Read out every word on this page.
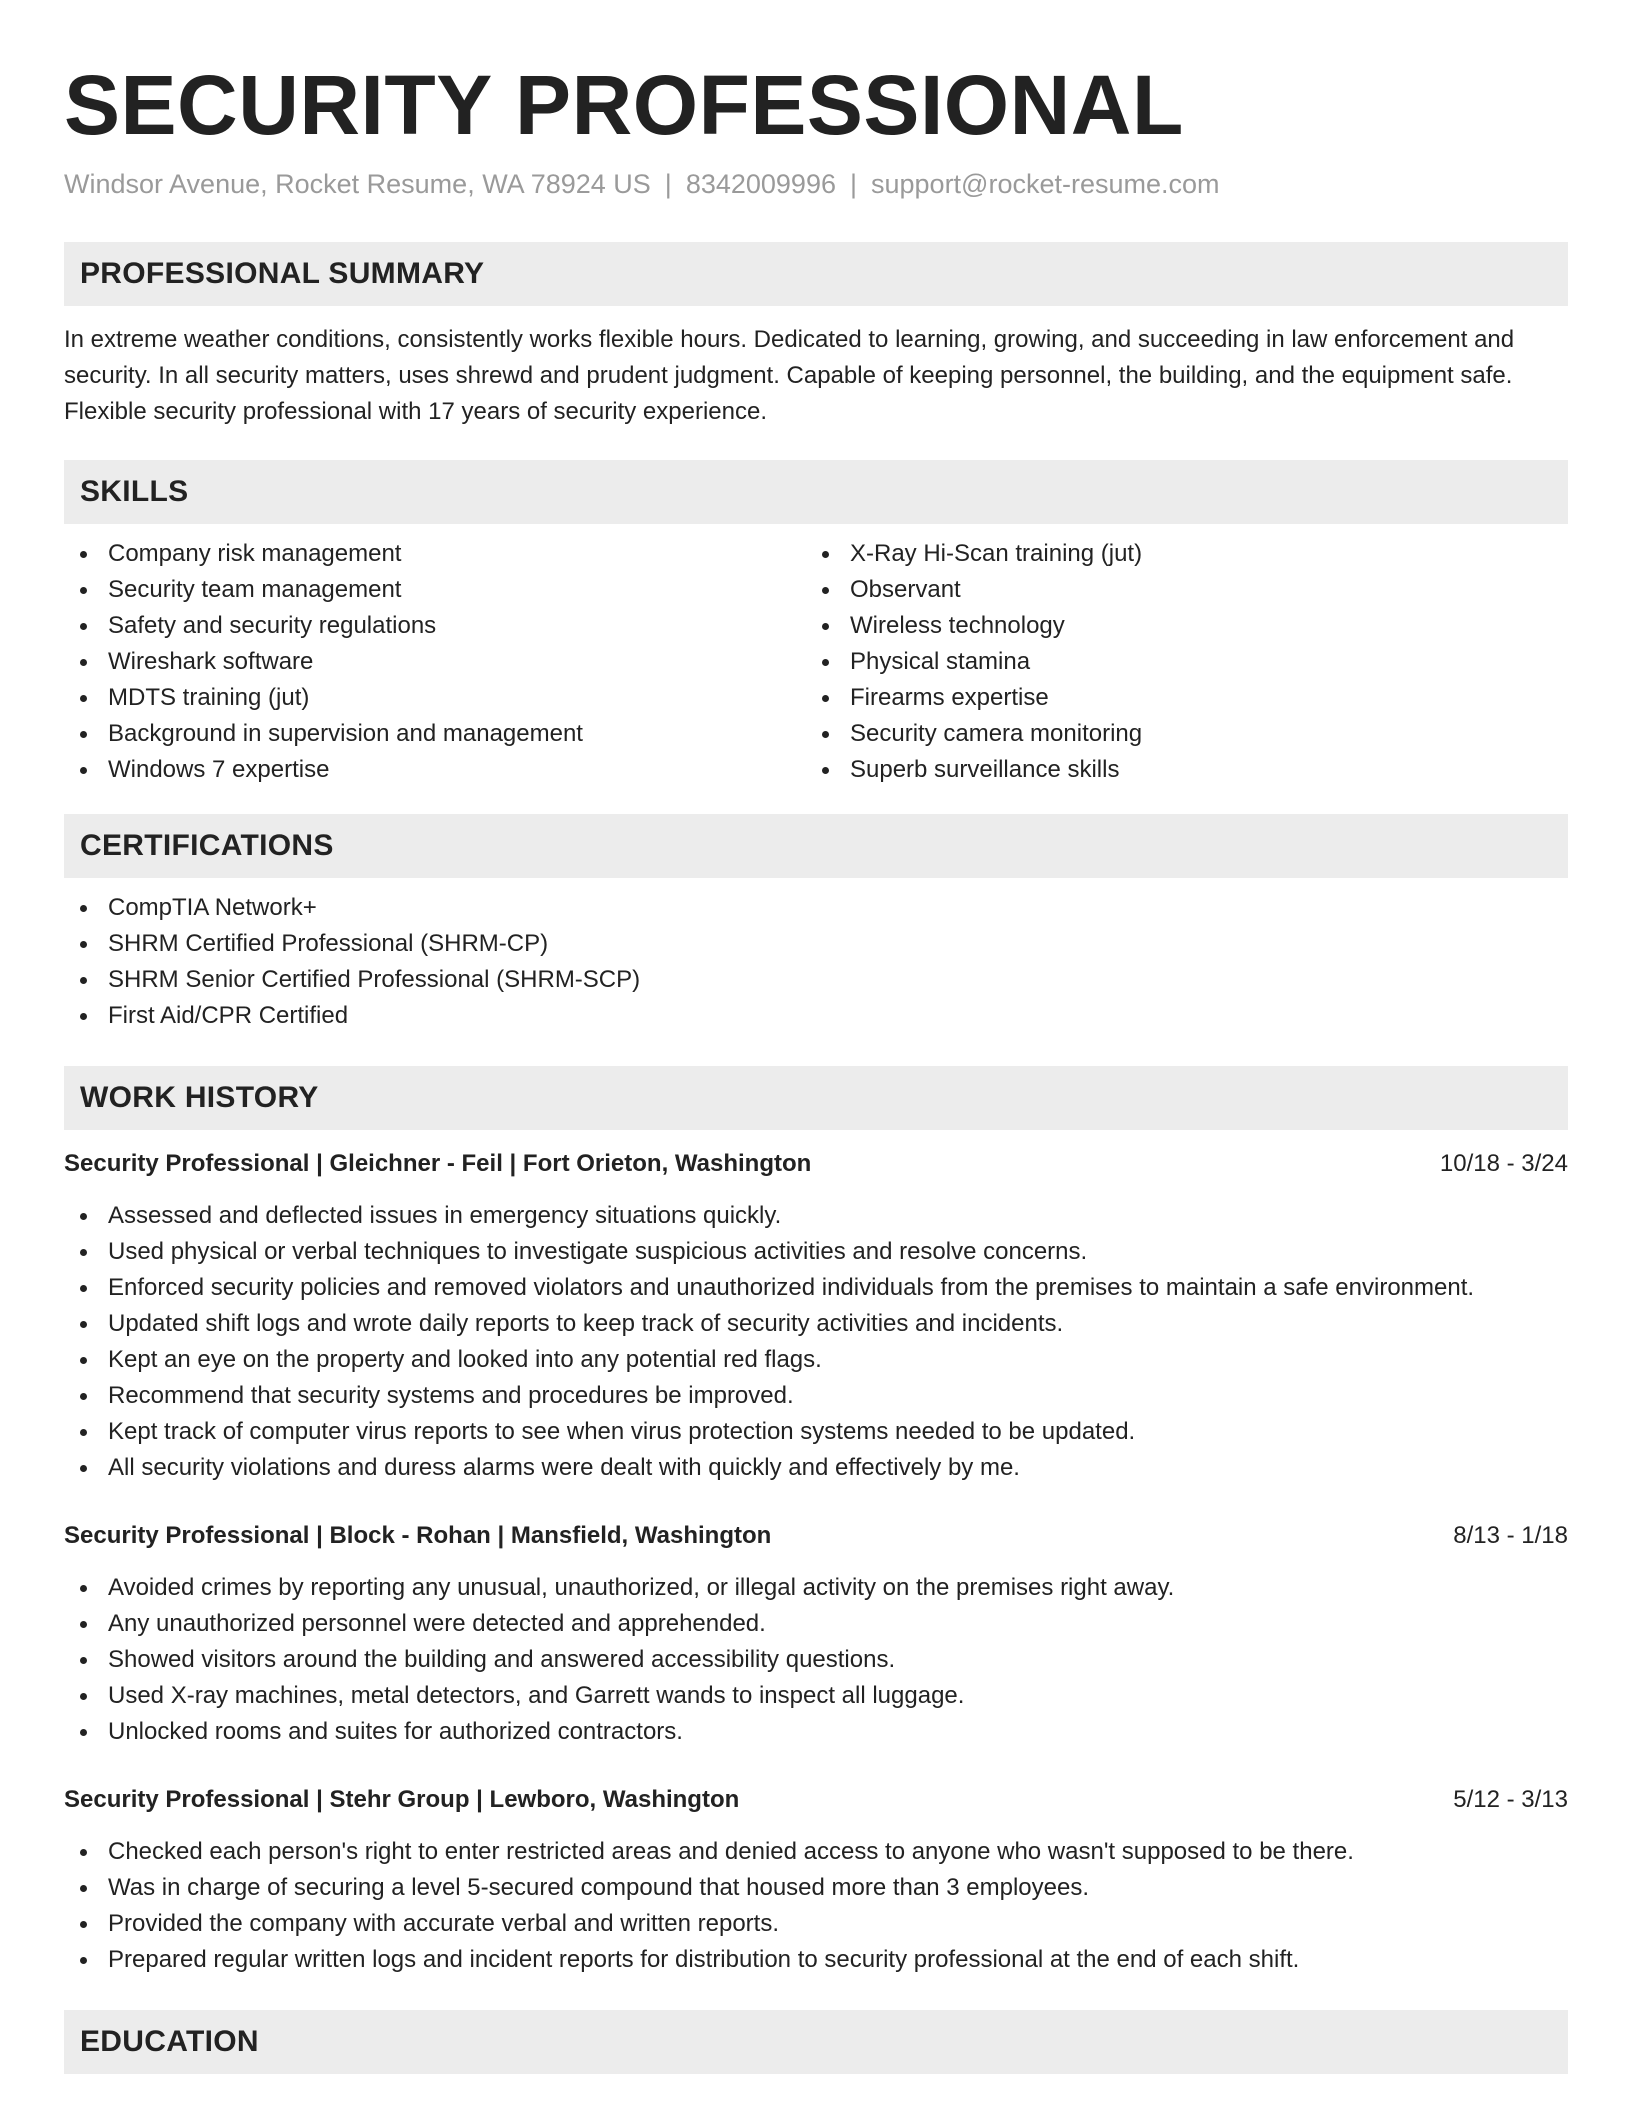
SECURITY PROFESSIONAL
Windsor Avenue, Rocket Resume, WA 78924 US | 8342009996 | support@rocket-resume.com
PROFESSIONAL SUMMARY
In extreme weather conditions, consistently works flexible hours. Dedicated to learning, growing, and succeeding in law enforcement and security. In all security matters, uses shrewd and prudent judgment. Capable of keeping personnel, the building, and the equipment safe. Flexible security professional with 17 years of security experience.
SKILLS
Company risk management
Security team management
Safety and security regulations
Wireshark software
MDTS training (jut)
Background in supervision and management
Windows 7 expertise
X-Ray Hi-Scan training (jut)
Observant
Wireless technology
Physical stamina
Firearms expertise
Security camera monitoring
Superb surveillance skills
CERTIFICATIONS
CompTIA Network+
SHRM Certified Professional (SHRM-CP)
SHRM Senior Certified Professional (SHRM-SCP)
First Aid/CPR Certified
WORK HISTORY
Security Professional | Gleichner - Feil | Fort Orieton, Washington	10/18 - 3/24
Assessed and deflected issues in emergency situations quickly.
Used physical or verbal techniques to investigate suspicious activities and resolve concerns.
Enforced security policies and removed violators and unauthorized individuals from the premises to maintain a safe environment.
Updated shift logs and wrote daily reports to keep track of security activities and incidents.
Kept an eye on the property and looked into any potential red flags.
Recommend that security systems and procedures be improved.
Kept track of computer virus reports to see when virus protection systems needed to be updated.
All security violations and duress alarms were dealt with quickly and effectively by me.
Security Professional | Block - Rohan | Mansfield, Washington	8/13 - 1/18
Avoided crimes by reporting any unusual, unauthorized, or illegal activity on the premises right away.
Any unauthorized personnel were detected and apprehended.
Showed visitors around the building and answered accessibility questions.
Used X-ray machines, metal detectors, and Garrett wands to inspect all luggage.
Unlocked rooms and suites for authorized contractors.
Security Professional | Stehr Group | Lewboro, Washington	5/12 - 3/13
Checked each person's right to enter restricted areas and denied access to anyone who wasn't supposed to be there.
Was in charge of securing a level 5-secured compound that housed more than 3 employees.
Provided the company with accurate verbal and written reports.
Prepared regular written logs and incident reports for distribution to security professional at the end of each shift.
EDUCATION
